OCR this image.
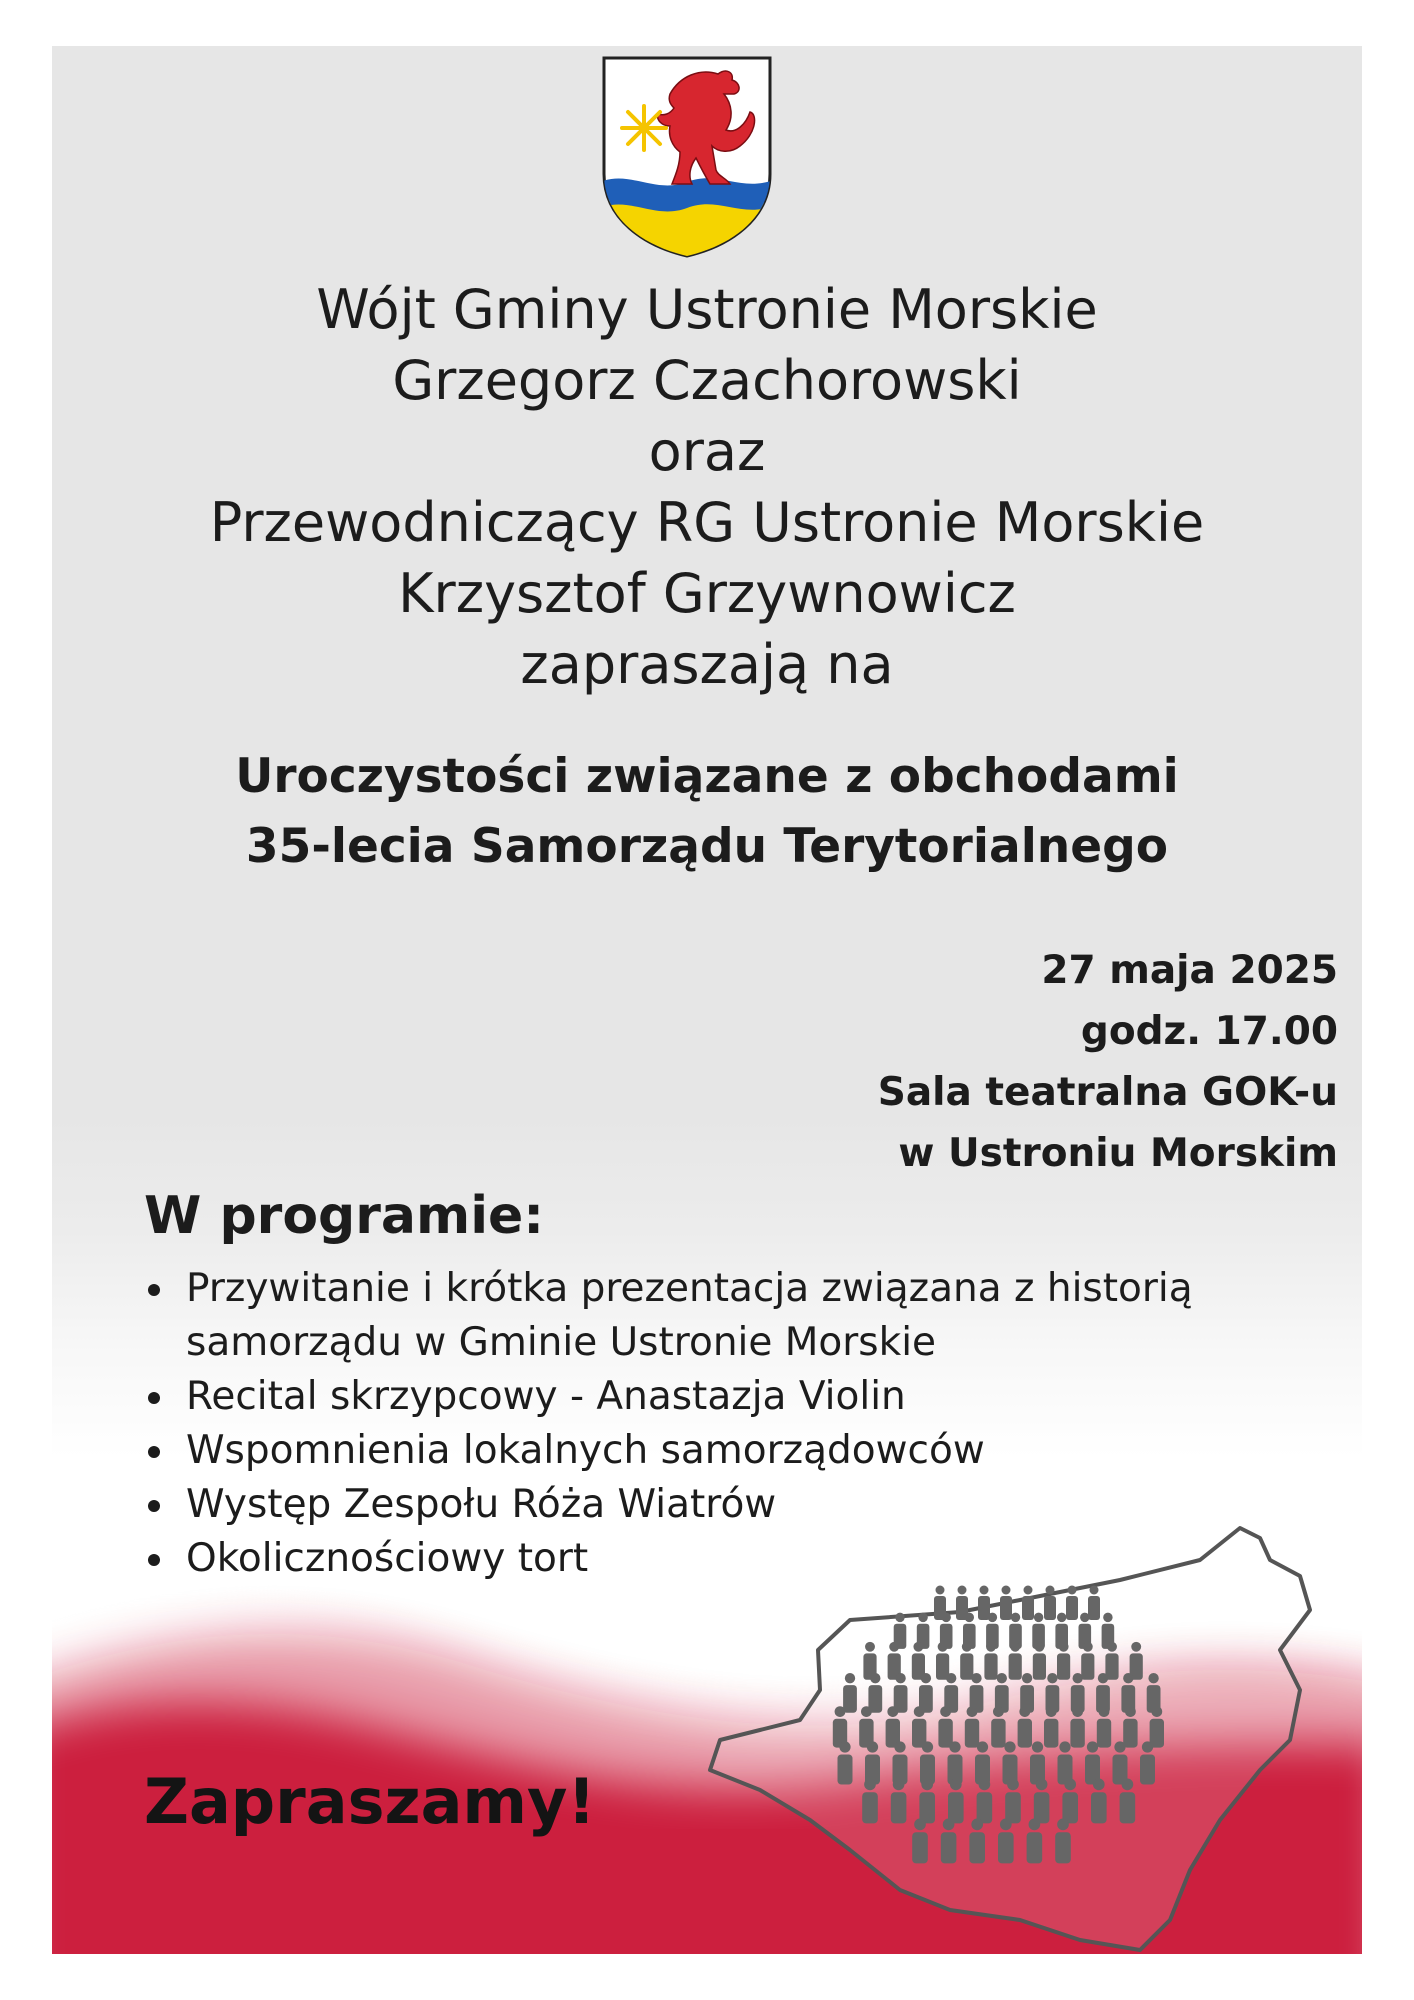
Wójt Gminy Ustronie Morskie
Grzegorz Czachorowski
oraz
Przewodniczący RG Ustronie Morskie
Krzysztof Grzywnowicz
zapraszają na
Uroczystości związane z obchodami
35-lecia Samorządu Terytorialnego
27 maja 2025
godz. 17.00
Sala teatralna GOK-u
w Ustroniu Morskim
W programie:
Przywitanie i krótka prezentacja związana z historią
samorządu w Gminie Ustronie Morskie
Recital skrzypcowy - Anastazja Violin
Wspomnienia lokalnych samorządowców
Występ Zespołu Róża Wiatrów
Okolicznościowy tort
Zapraszamy!
